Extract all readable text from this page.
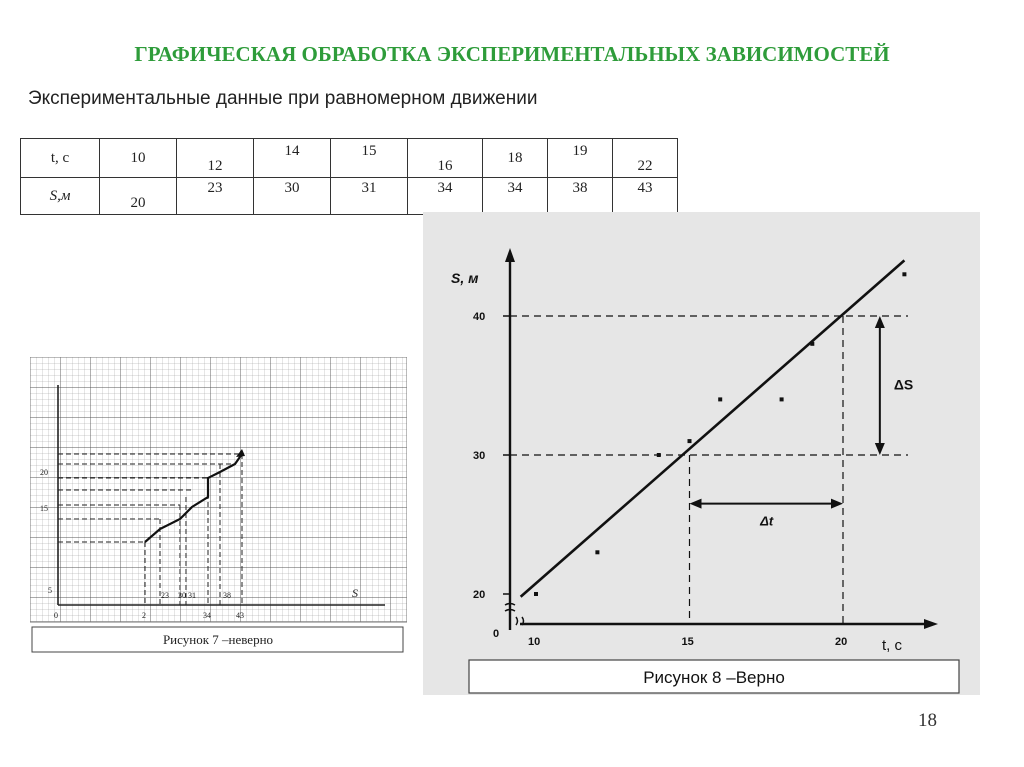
ГРАФИЧЕСКАЯ ОБРАБОТКА ЭКСПЕРИМЕНТАЛЬНЫХ ЗАВИСИМОСТЕЙ
Экспериментальные данные при равномерном движении
t, с	10	12	14	15	16	18	19	22
S,м	20	23	30	31	34	34	38	43
20
15
5
0	2
23 30 31
34
38
43
S
Рисунок 7 –неверно	0
S, м
t, с
40
30
20
10	15	20
ΔS
Δt
Рисунок 8 –Верно
18
